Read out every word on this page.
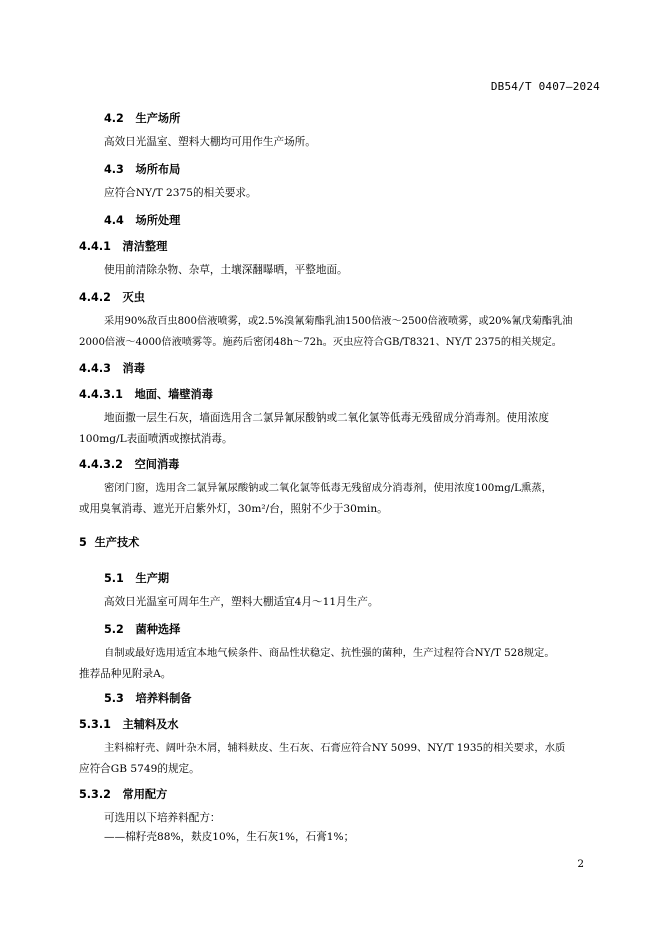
DB54/T 0407—2024
4.2 生产场所
高效日光温室、塑料大棚均可用作生产场所。
4.3 场所布局
应符合NY/T 2375的相关要求。
4.4 场所处理
4.4.1 清洁整理
使用前清除杂物、杂草，土壤深翻曝晒，平整地面。
4.4.2 灭虫
采用90%敌百虫800倍液喷雾，或2.5%溴氰菊酯乳油1500倍液～2500倍液喷雾，或20%氰戊菊酯乳油
2000倍液～4000倍液喷雾等。施药后密闭48h～72h。灭虫应符合GB/T8321、NY/T 2375的相关规定。
4.4.3 消毒
4.4.3.1 地面、墙壁消毒
地面撒一层生石灰，墙面选用含二氯异氰尿酸钠或二氧化氯等低毒无残留成分消毒剂。使用浓度
100mg/L表面喷洒或擦拭消毒。
4.4.3.2 空间消毒
密闭门窗，选用含二氯异氰尿酸钠或二氧化氯等低毒无残留成分消毒剂，使用浓度100mg/L熏蒸，
或用臭氧消毒、遮光开启紫外灯，30m²/台，照射不少于30min。
5 生产技术
5.1 生产期
高效日光温室可周年生产，塑料大棚适宜4月～11月生产。
5.2 菌种选择
自制或最好选用适宜本地气候条件、商品性状稳定、抗性强的菌种，生产过程符合NY/T 528规定。
推荐品种见附录A。
5.3 培养料制备
5.3.1 主辅料及水
主料棉籽壳、阔叶杂木屑，辅料麸皮、生石灰、石膏应符合NY 5099、NY/T 1935的相关要求，水质
应符合GB 5749的规定。
5.3.2 常用配方
可选用以下培养料配方：
——棉籽壳88%，麸皮10%，生石灰1%，石膏1%；
2
